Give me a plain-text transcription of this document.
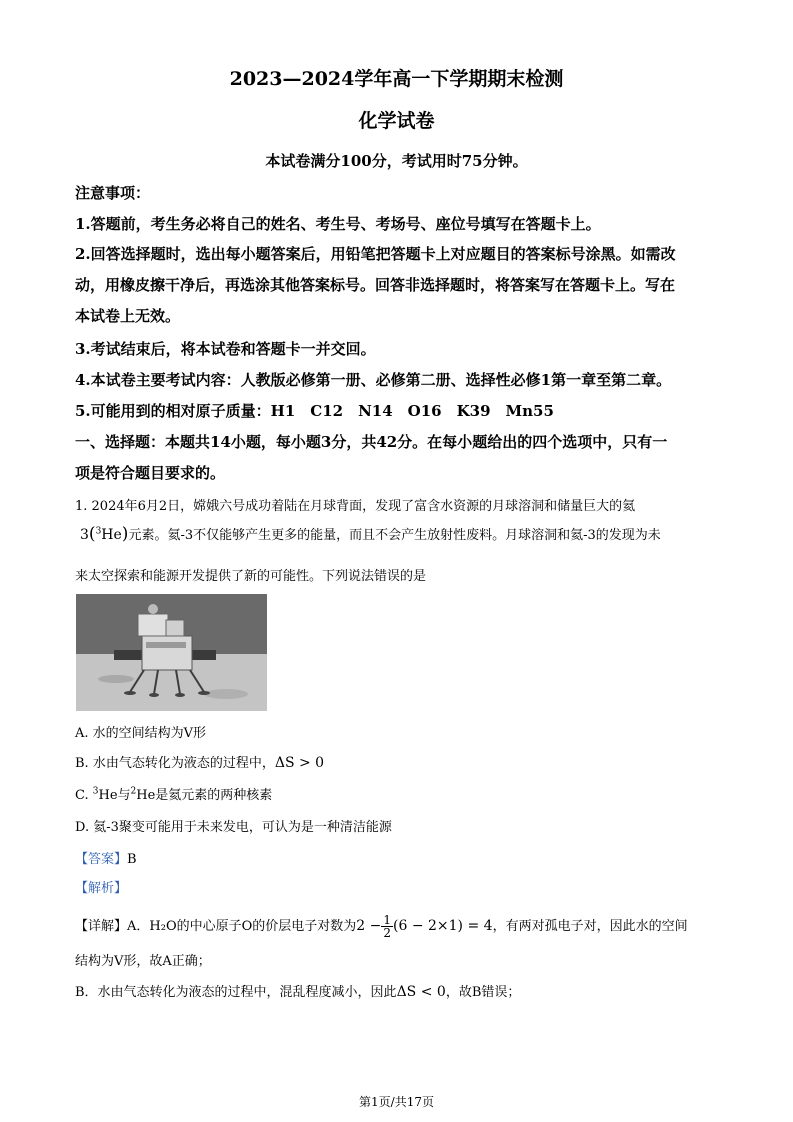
2023—2024学年高一下学期期末检测
化学试卷
本试卷满分100分，考试用时75分钟。
注意事项：
1.答题前，考生务必将自己的姓名、考生号、考场号、座位号填写在答题卡上。
2.回答选择题时，选出每小题答案后，用铅笔把答题卡上对应题目的答案标号涂黑。如需改
动，用橡皮擦干净后，再选涂其他答案标号。回答非选择题时，将答案写在答题卡上。写在
本试卷上无效。
3.考试结束后，将本试卷和答题卡一并交回。
4.本试卷主要考试内容：人教版必修第一册、必修第二册、选择性必修1第一章至第二章。
5.可能用到的相对原子质量：H1　C12　N14　O16　K39　Mn55
一、选择题：本题共14小题，每小题3分，共42分。在每小题给出的四个选项中，只有一
项是符合题目要求的。
1. 2024年6月2日，嫦娥六号成功着陆在月球背面，发现了富含水资源的月球溶洞和储量巨大的氦
3($^3$He)元素。氦-3不仅能够产生更多的能量，而且不会产生放射性废料。月球溶洞和氦-3的发现为未
来太空探索和能源开发提供了新的可能性。下列说法错误的是
A. 水的空间结构为V形
B. 水由气态转化为液态的过程中，ΔS > 0
C. $^3$He与$^2$He是氦元素的两种核素
D. 氦-3聚变可能用于未来发电，可认为是一种清洁能源
【答案】B
【解析】
【详解】A．H₂O的中心原子O的价层电子对数为$2 - \frac{1}{2} (6 - 2\times 1) = 4$，有两对孤电子对，因此水的空间
结构为V形，故A正确；
B．水由气态转化为液态的过程中，混乱程度减小，因此ΔS < 0，故B错误；
第1页/共17页
